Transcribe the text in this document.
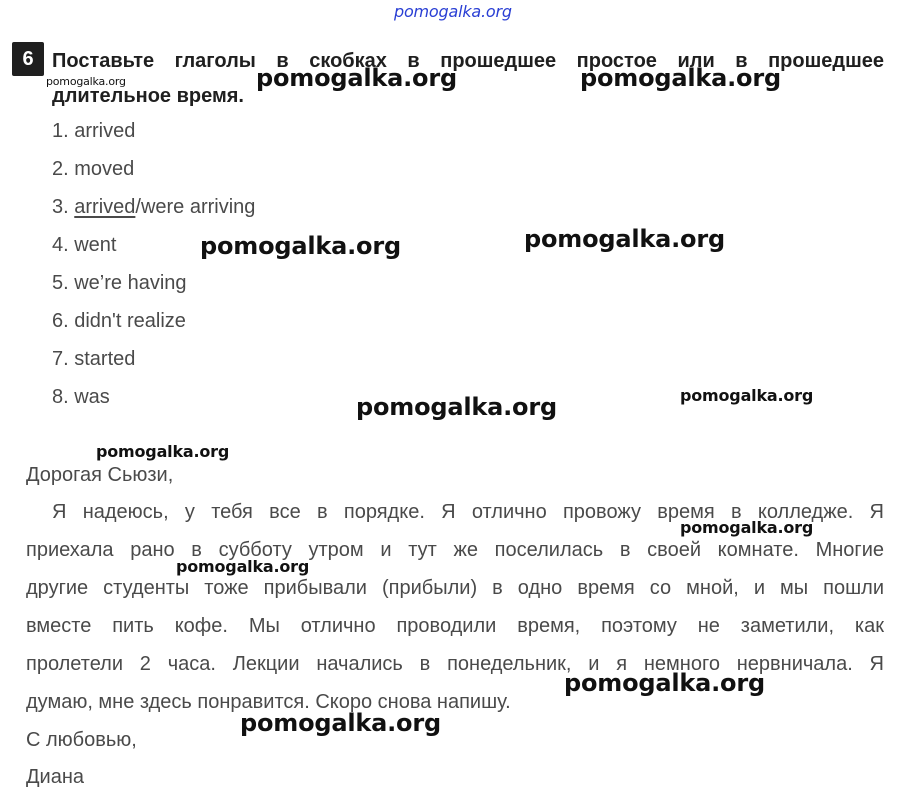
pomogalka.org
6 Поставьте глаголы в скобках в прошедшее простое или в прошедшее
длительное время.
1. arrived
2. moved
3. arrived/were arriving
4. went
5. we’re having
6. didn't realize
7. started
8. was
Дорогая Сьюзи,
Я надеюсь, у тебя все в порядке. Я отлично провожу время в колледже. Я
приехала рано в субботу утром и тут же поселилась в своей комнате. Многие
другие студенты тоже прибывали (прибыли) в одно время со мной, и мы пошли
вместе пить кофе. Мы отлично проводили время, поэтому не заметили, как
пролетели 2 часа. Лекции начались в понедельник, и я немного нервничала. Я
думаю, мне здесь понравится. Скоро снова напишу.
С любовью,
Диана
pomogalka.org	pomogalka.org	pomogalka.org
pomogalka.org	pomogalka.org
pomogalka.org	pomogalka.org
pomogalka.org
pomogalka.org
pomogalka.org
pomogalka.org
pomogalka.org
